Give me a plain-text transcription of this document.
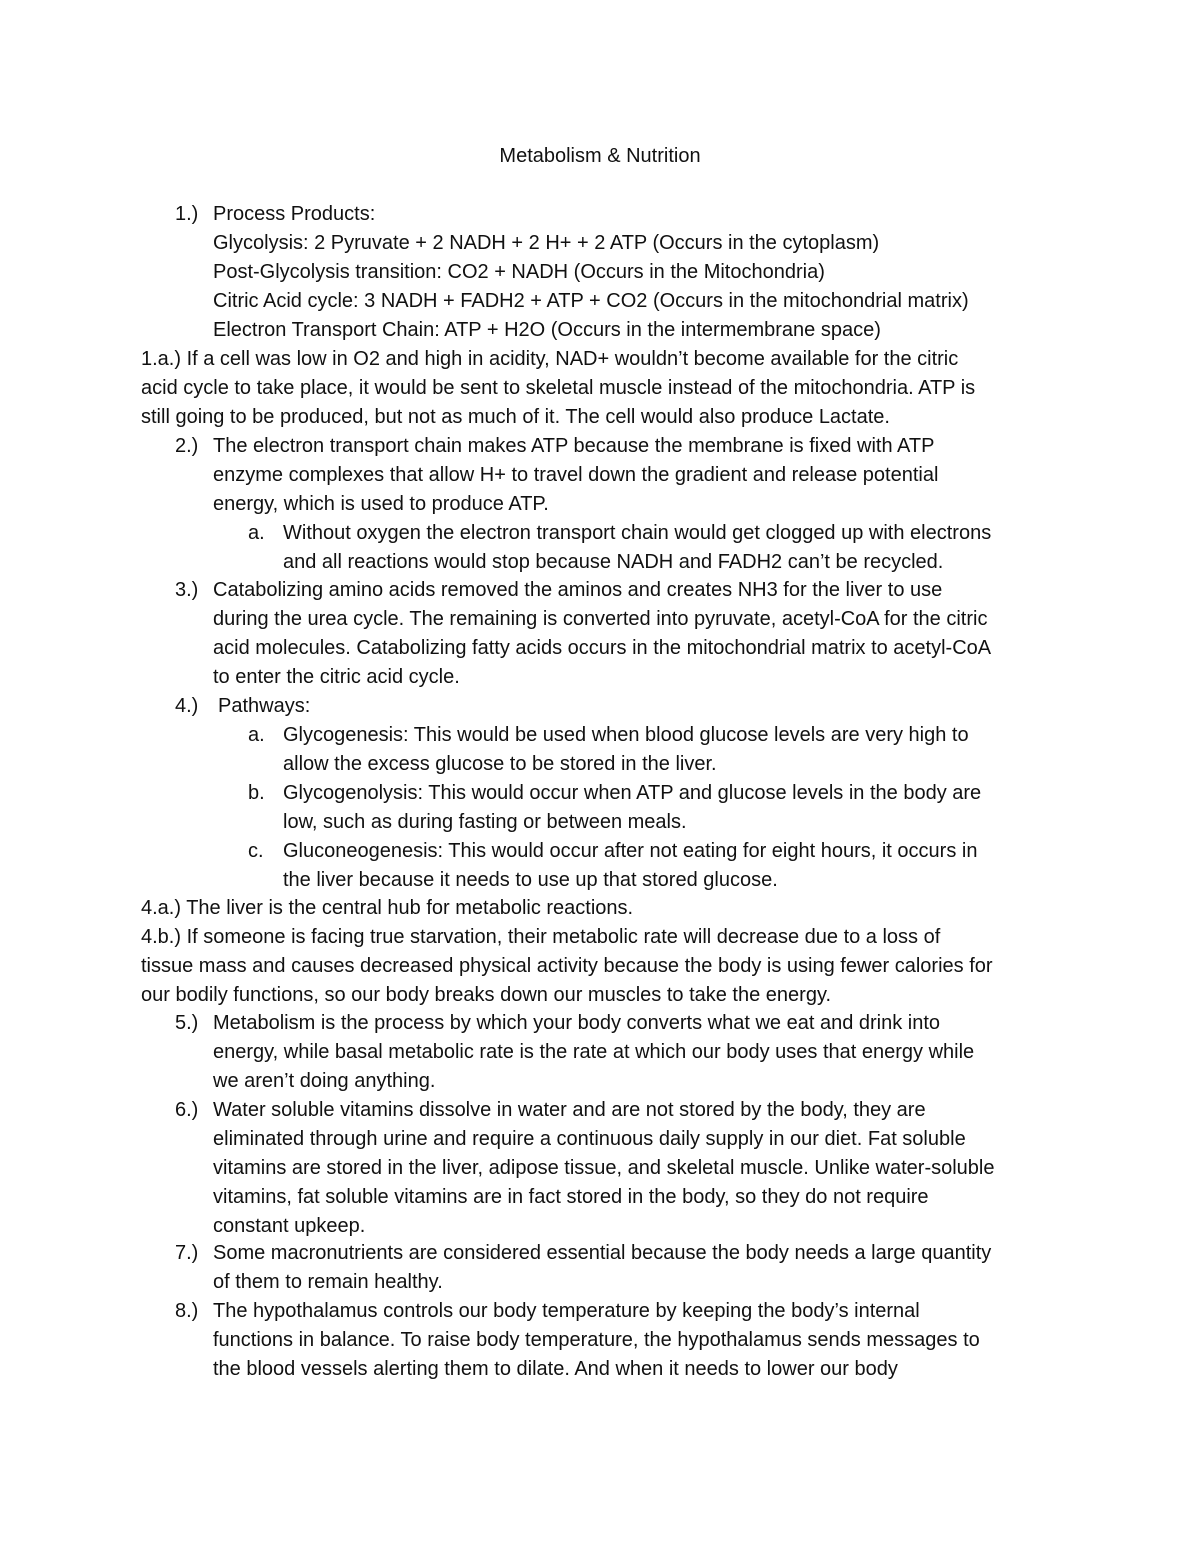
Metabolism & Nutrition
1.) Process Products:
Glycolysis: 2 Pyruvate + 2 NADH + 2 H+ + 2 ATP (Occurs in the cytoplasm)
Post-Glycolysis transition: CO2 + NADH (Occurs in the Mitochondria)
Citric Acid cycle: 3 NADH + FADH2 + ATP + CO2 (Occurs in the mitochondrial matrix)
Electron Transport Chain: ATP + H2O (Occurs in the intermembrane space)
1.a.) If a cell was low in O2 and high in acidity, NAD+ wouldn’t become available for the citric
acid cycle to take place, it would be sent to skeletal muscle instead of the mitochondria. ATP is
still going to be produced, but not as much of it. The cell would also produce Lactate.
2.) The electron transport chain makes ATP because the membrane is fixed with ATP
enzyme complexes that allow H+ to travel down the gradient and release potential
energy, which is used to produce ATP.
a. Without oxygen the electron transport chain would get clogged up with electrons
and all reactions would stop because NADH and FADH2 can’t be recycled.
3.) Catabolizing amino acids removed the aminos and creates NH3 for the liver to use
during the urea cycle. The remaining is converted into pyruvate, acetyl-CoA for the citric
acid molecules. Catabolizing fatty acids occurs in the mitochondrial matrix to acetyl-CoA
to enter the citric acid cycle.
4.) Pathways:
a. Glycogenesis: This would be used when blood glucose levels are very high to
allow the excess glucose to be stored in the liver.
b. Glycogenolysis: This would occur when ATP and glucose levels in the body are
low, such as during fasting or between meals.
c. Gluconeogenesis: This would occur after not eating for eight hours, it occurs in
the liver because it needs to use up that stored glucose.
4.a.) The liver is the central hub for metabolic reactions.
4.b.) If someone is facing true starvation, their metabolic rate will decrease due to a loss of
tissue mass and causes decreased physical activity because the body is using fewer calories for
our bodily functions, so our body breaks down our muscles to take the energy.
5.) Metabolism is the process by which your body converts what we eat and drink into
energy, while basal metabolic rate is the rate at which our body uses that energy while
we aren’t doing anything.
6.) Water soluble vitamins dissolve in water and are not stored by the body, they are
eliminated through urine and require a continuous daily supply in our diet. Fat soluble
vitamins are stored in the liver, adipose tissue, and skeletal muscle. Unlike water-soluble
vitamins, fat soluble vitamins are in fact stored in the body, so they do not require
constant upkeep.
7.) Some macronutrients are considered essential because the body needs a large quantity
of them to remain healthy.
8.) The hypothalamus controls our body temperature by keeping the body’s internal
functions in balance. To raise body temperature, the hypothalamus sends messages to
the blood vessels alerting them to dilate. And when it needs to lower our body
